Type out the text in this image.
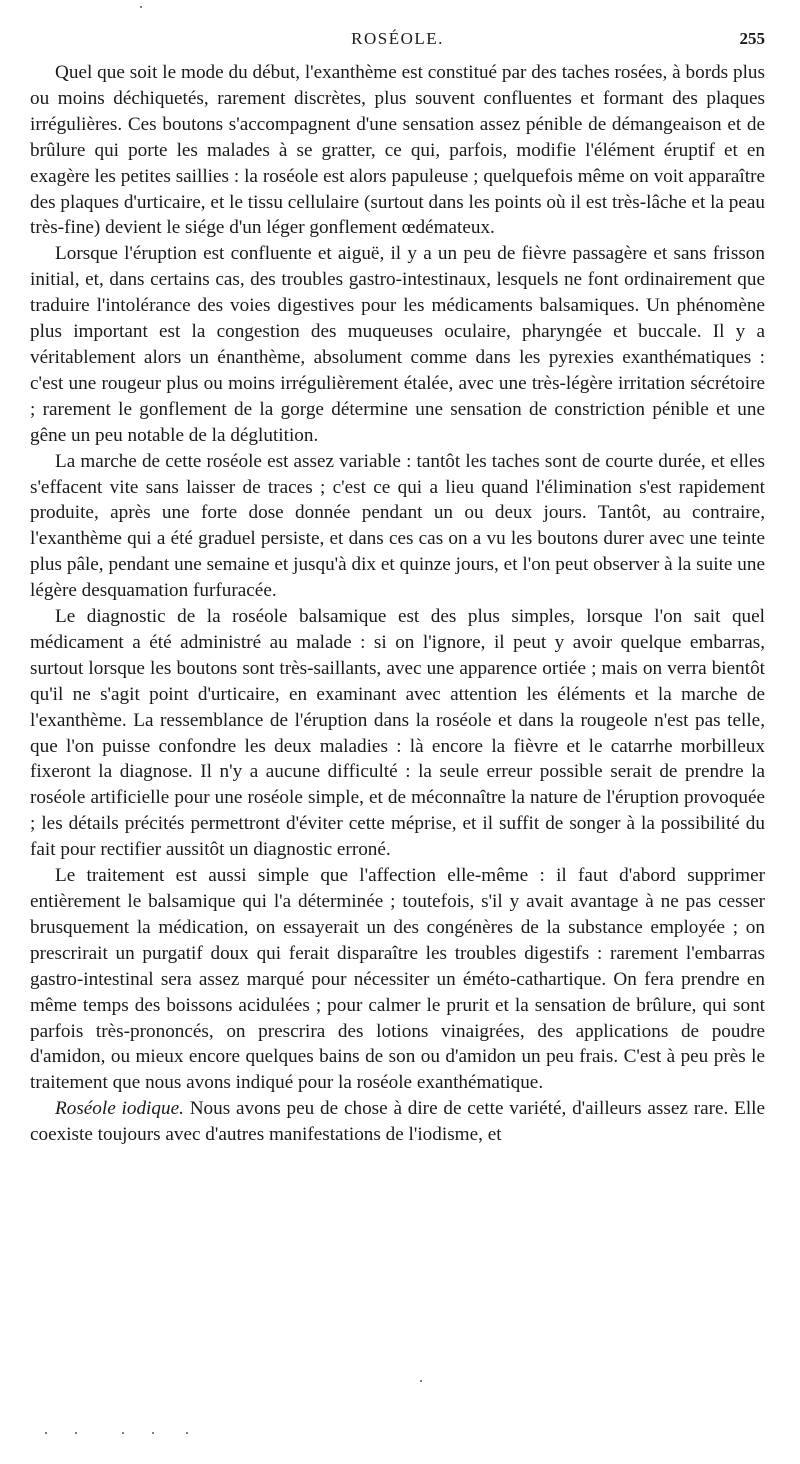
ROSÉOLE.	255

Quel que soit le mode du début, l'exanthème est constitué par des taches rosées, à bords plus ou moins déchiquetés, rarement discrètes, plus souvent confluentes et formant des plaques irrégulières. Ces boutons s'accompagnent d'une sensation assez pénible de démangeaison et de brûlure qui porte les malades à se gratter, ce qui, parfois, modifie l'élément éruptif et en exagère les petites saillies : la roséole est alors papuleuse ; quelquefois même on voit apparaître des plaques d'urticaire, et le tissu cellulaire (surtout dans les points où il est très-lâche et la peau très-fine) devient le siége d'un léger gonflement œdémateux.

Lorsque l'éruption est confluente et aiguë, il y a un peu de fièvre passagère et sans frisson initial, et, dans certains cas, des troubles gastro-intestinaux, lesquels ne font ordinairement que traduire l'intolérance des voies digestives pour les médicaments balsamiques. Un phénomène plus important est la congestion des muqueuses oculaire, pharyngée et buccale. Il y a véritablement alors un énanthème, absolument comme dans les pyrexies exanthématiques : c'est une rougeur plus ou moins irrégulièrement étalée, avec une très-légère irritation sécrétoire ; rarement le gonflement de la gorge détermine une sensation de constriction pénible et une gêne un peu notable de la déglutition.

La marche de cette roséole est assez variable : tantôt les taches sont de courte durée, et elles s'effacent vite sans laisser de traces ; c'est ce qui a lieu quand l'élimination s'est rapidement produite, après une forte dose donnée pendant un ou deux jours. Tantôt, au contraire, l'exanthème qui a été graduel persiste, et dans ces cas on a vu les boutons durer avec une teinte plus pâle, pendant une semaine et jusqu'à dix et quinze jours, et l'on peut observer à la suite une légère desquamation furfuracée.

Le diagnostic de la roséole balsamique est des plus simples, lorsque l'on sait quel médicament a été administré au malade : si on l'ignore, il peut y avoir quelque embarras, surtout lorsque les boutons sont très-saillants, avec une apparence ortiée ; mais on verra bientôt qu'il ne s'agit point d'urticaire, en examinant avec attention les éléments et la marche de l'exanthème. La ressemblance de l'éruption dans la roséole et dans la rougeole n'est pas telle, que l'on puisse confondre les deux maladies : là encore la fièvre et le catarrhe morbilleux fixeront la diagnose. Il n'y a aucune difficulté : la seule erreur possible serait de prendre la roséole artificielle pour une roséole simple, et de méconnaître la nature de l'éruption provoquée ; les détails précités permettront d'éviter cette méprise, et il suffit de songer à la possibilité du fait pour rectifier aussitôt un diagnostic erroné.

Le traitement est aussi simple que l'affection elle-même : il faut d'abord supprimer entièrement le balsamique qui l'a déterminée ; toutefois, s'il y avait avantage à ne pas cesser brusquement la médication, on essayerait un des congénères de la substance employée ; on prescrirait un purgatif doux qui ferait disparaître les troubles digestifs : rarement l'embarras gastro-intestinal sera assez marqué pour nécessiter un éméto-cathartique. On fera prendre en même temps des boissons acidulées ; pour calmer le prurit et la sensation de brûlure, qui sont parfois très-prononcés, on prescrira des lotions vinaigrées, des applications de poudre d'amidon, ou mieux encore quelques bains de son ou d'amidon un peu frais. C'est à peu près le traitement que nous avons indiqué pour la roséole exanthématique.

Roséole iodique. Nous avons peu de chose à dire de cette variété, d'ailleurs assez rare. Elle coexiste toujours avec d'autres manifestations de l'iodisme, et
